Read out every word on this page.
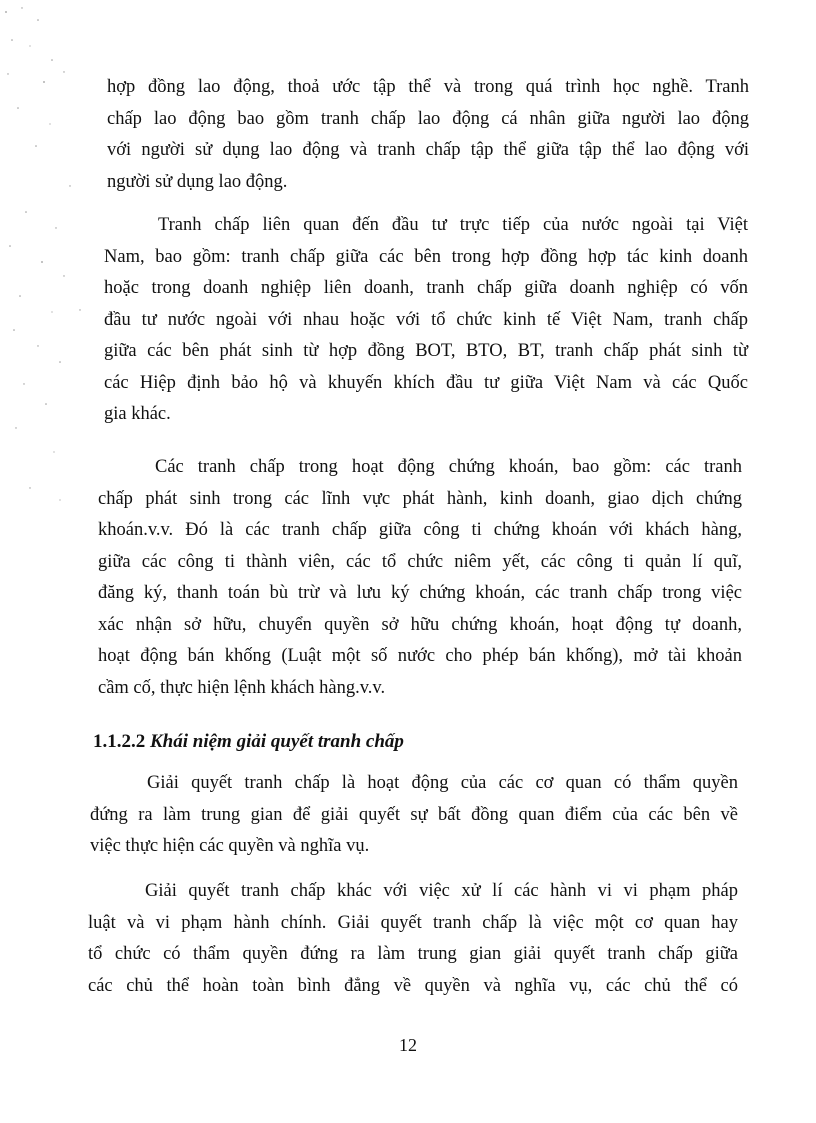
hợp đồng lao động, thoả ước tập thể và trong quá trình học nghề. Tranh
chấp lao động bao gồm tranh chấp lao động cá nhân giữa người lao động
với người sử dụng lao động và tranh chấp tập thể giữa tập thể lao động với
người sử dụng lao động.
Tranh chấp liên quan đến đầu tư trực tiếp của nước ngoài tại Việt
Nam, bao gồm: tranh chấp giữa các bên trong hợp đồng hợp tác kinh doanh
hoặc trong doanh nghiệp liên doanh, tranh chấp giữa doanh nghiệp có vốn
đầu tư nước ngoài với nhau hoặc với tổ chức kinh tế Việt Nam, tranh chấp
giữa các bên phát sinh từ hợp đồng BOT, BTO, BT, tranh chấp phát sinh từ
các Hiệp định bảo hộ và khuyến khích đầu tư giữa Việt Nam và các Quốc
gia khác.
Các tranh chấp trong hoạt động chứng khoán, bao gồm: các tranh
chấp phát sinh trong các lĩnh vực phát hành, kinh doanh, giao dịch chứng
khoán.v.v. Đó là các tranh chấp giữa công ti chứng khoán với khách hàng,
giữa các công ti thành viên, các tổ chức niêm yết, các công ti quản lí quĩ,
đăng ký, thanh toán bù trừ và lưu ký chứng khoán, các tranh chấp trong việc
xác nhận sở hữu, chuyển quyền sở hữu chứng khoán, hoạt động tự doanh,
hoạt động bán khống (Luật một số nước cho phép bán khống), mở tài khoản
cầm cố, thực hiện lệnh khách hàng.v.v.
1.1.2.2 Khái niệm giải quyết tranh chấp
Giải quyết tranh chấp là hoạt động của các cơ quan có thẩm quyền
đứng ra làm trung gian để giải quyết sự bất đồng quan điểm của các bên về
việc thực hiện các quyền và nghĩa vụ.
Giải quyết tranh chấp khác với việc xử lí các hành vi vi phạm pháp
luật và vi phạm hành chính. Giải quyết tranh chấp là việc một cơ quan hay
tổ chức có thẩm quyền đứng ra làm trung gian giải quyết tranh chấp giữa
các chủ thể hoàn toàn bình đẳng về quyền và nghĩa vụ, các chủ thể có
12
